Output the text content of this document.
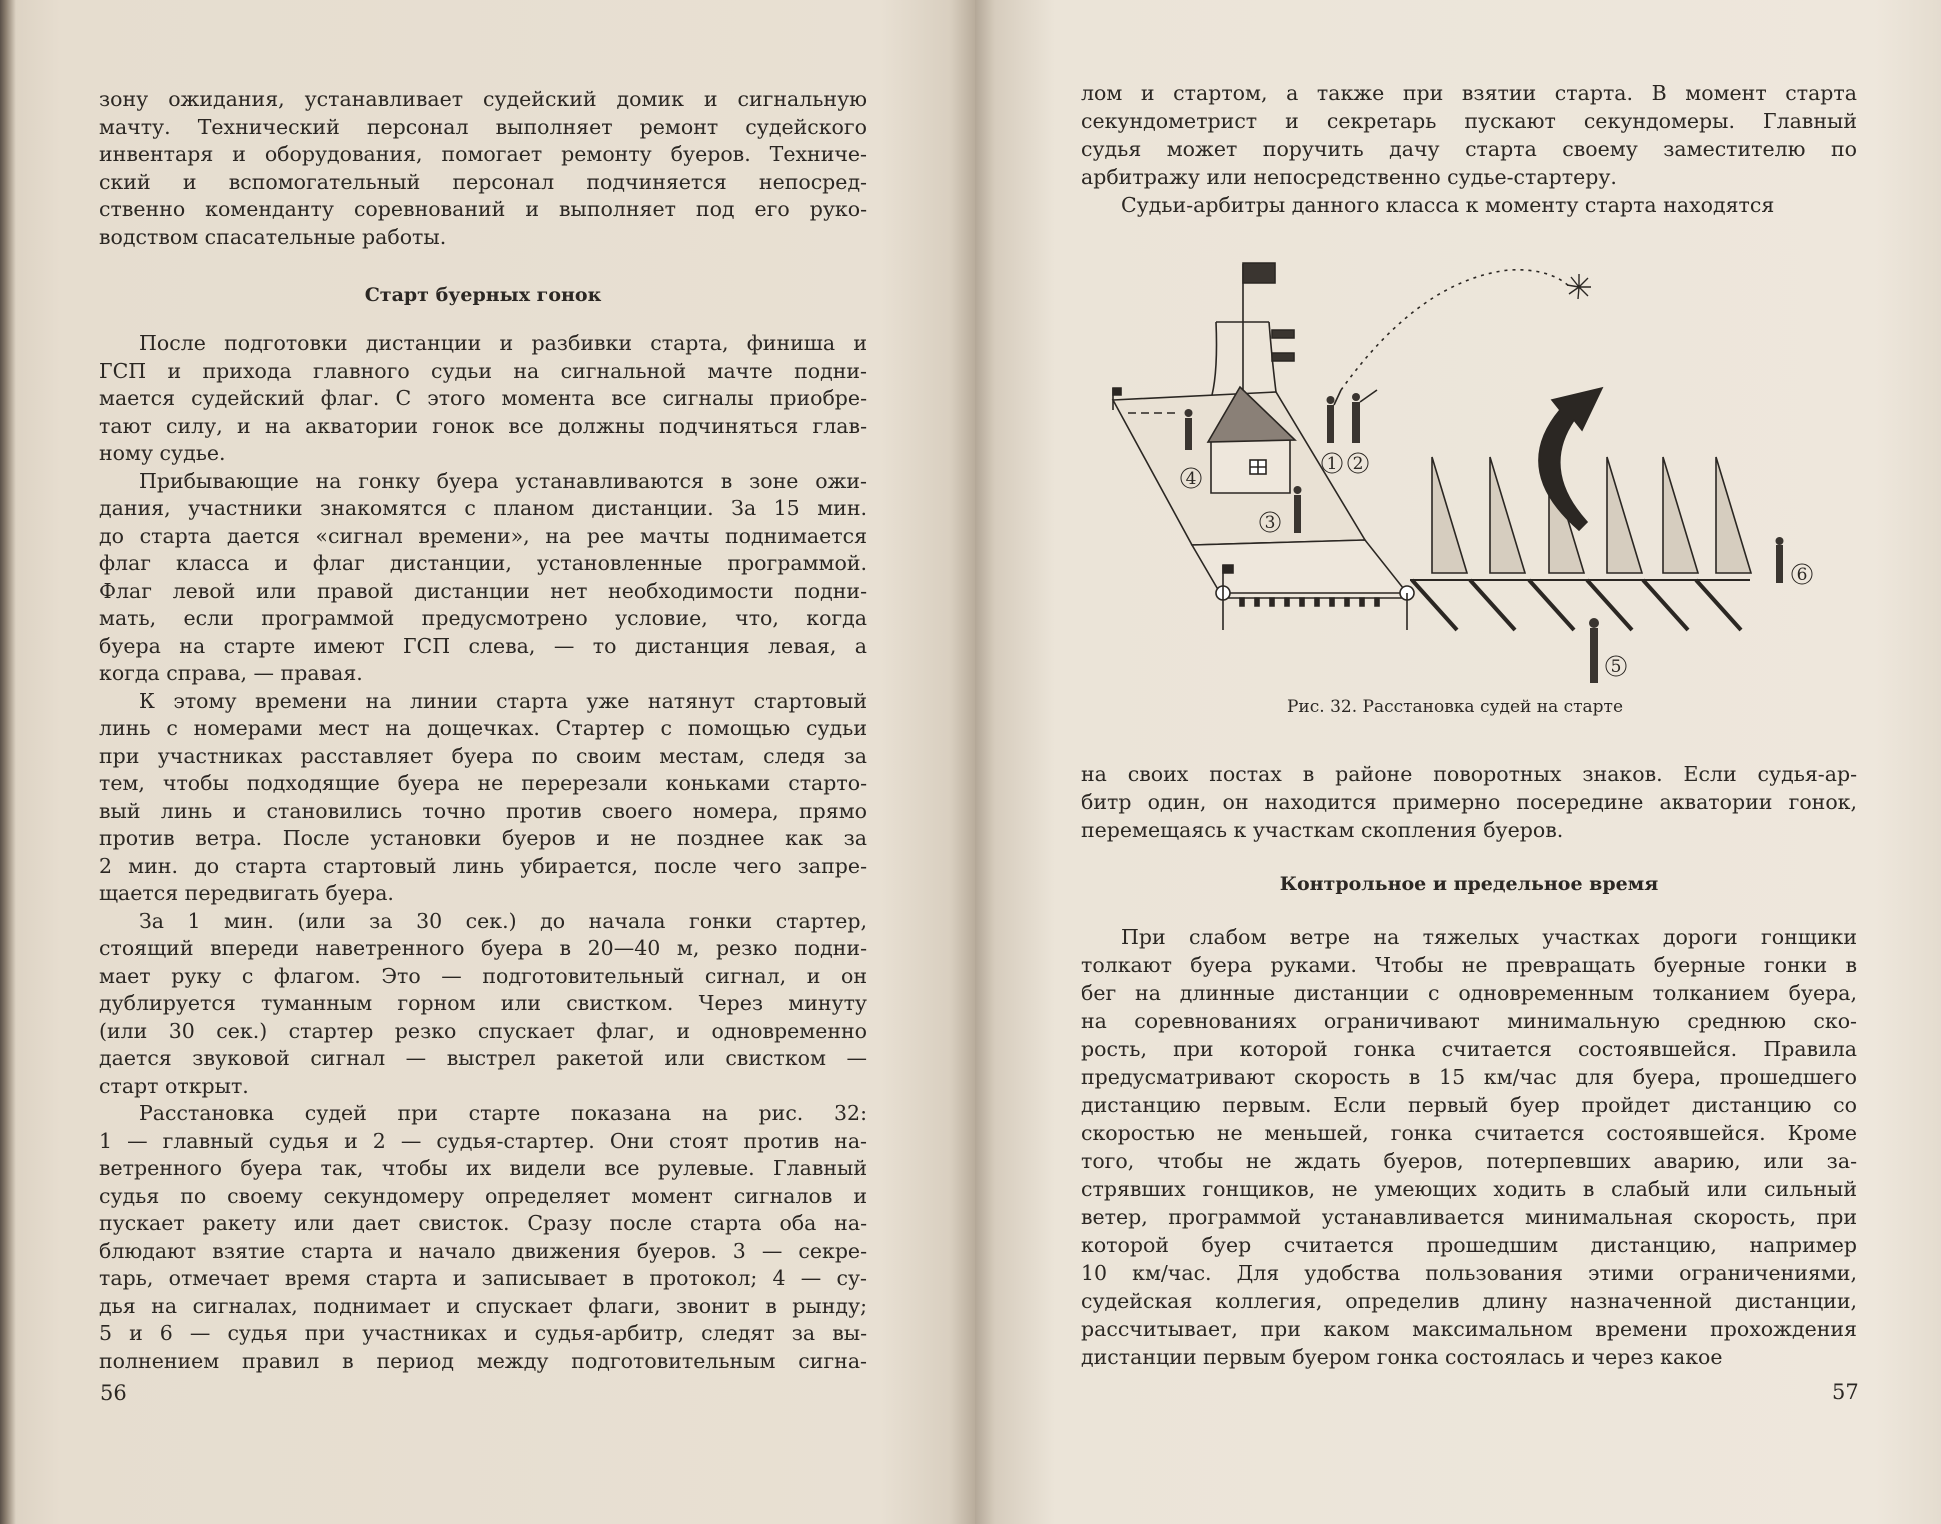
зону ожидания, устанавливает судейский домик и сигнальную
мачту. Технический персонал выполняет ремонт судейского
инвентаря и оборудования, помогает ремонту буеров. Техниче-
ский и вспомогательный персонал подчиняется непосред-
ственно коменданту соревнований и выполняет под его руко-
водством спасательные работы.
Старт буерных гонок
После подготовки дистанции и разбивки старта, финиша и
ГСП и прихода главного судьи на сигнальной мачте подни-
мается судейский флаг. С этого момента все сигналы приобре-
тают силу, и на акватории гонок все должны подчиняться глав-
ному судье.
Прибывающие на гонку буера устанавливаются в зоне ожи-
дания, участники знакомятся с планом дистанции. За 15 мин.
до старта дается «сигнал времени», на рее мачты поднимается
флаг класса и флаг дистанции, установленные программой.
Флаг левой или правой дистанции нет необходимости подни-
мать, если программой предусмотрено условие, что, когда
буера на старте имеют ГСП слева, — то дистанция левая, а
когда справа, — правая.
К этому времени на линии старта уже натянут стартовый
линь с номерами мест на дощечках. Стартер с помощью судьи
при участниках расставляет буера по своим местам, следя за
тем, чтобы подходящие буера не перерезали коньками старто-
вый линь и становились точно против своего номера, прямо
против ветра. После установки буеров и не позднее как за
2 мин. до старта стартовый линь убирается, после чего запре-
щается передвигать буера.
За 1 мин. (или за 30 сек.) до начала гонки стартер,
стоящий впереди наветренного буера в 20—40 м, резко подни-
мает руку с флагом. Это — подготовительный сигнал, и он
дублируется туманным горном или свистком. Через минуту
(или 30 сек.) стартер резко спускает флаг, и одновременно
дается звуковой сигнал — выстрел ракетой или свистком —
старт открыт.
Расстановка судей при старте показана на рис. 32:
1 — главный судья и 2 — судья-стартер. Они стоят против на-
ветренного буера так, чтобы их видели все рулевые. Главный
судья по своему секундомеру определяет момент сигналов и
пускает ракету или дает свисток. Сразу после старта оба на-
блюдают взятие старта и начало движения буеров. 3 — секре-
тарь, отмечает время старта и записывает в протокол; 4 — су-
дья на сигналах, поднимает и спускает флаги, звонит в рынду;
5 и 6 — судья при участниках и судья-арбитр, следят за вы-
полнением правил в период между подготовительным сигна-
56
лом и стартом, а также при взятии старта. В момент старта
секундометрист и секретарь пускают секундомеры. Главный
судья может поручить дачу старта своему заместителю по
арбитражу или непосредственно судье-стартеру.
Судьи-арбитры данного класса к моменту старта находятся
на своих постах в районе поворотных знаков. Если судья-ар-
битр один, он находится примерно посередине акватории гонок,
перемещаясь к участкам скопления буеров.
Контрольное и предельное время
При слабом ветре на тяжелых участках дороги гонщики
толкают буера руками. Чтобы не превращать буерные гонки в
бег на длинные дистанции с одновременным толканием буера,
на соревнованиях ограничивают минимальную среднюю ско-
рость, при которой гонка считается состоявшейся. Правила
предусматривают скорость в 15 км/час для буера, прошедшего
дистанцию первым. Если первый буер пройдет дистанцию со
скоростью не меньшей, гонка считается состоявшейся. Кроме
того, чтобы не ждать буеров, потерпевших аварию, или за-
стрявших гонщиков, не умеющих ходить в слабый или сильный
ветер, программой устанавливается минимальная скорость, при
которой буер считается прошедшим дистанцию, например
10 км/час. Для удобства пользования этими ограничениями,
судейская коллегия, определив длину назначенной дистанции,
рассчитывает, при каком максимальном времени прохождения
дистанции первым буером гонка состоялась и через какое
57
1 2
3
4
5
6
Рис. 32. Расстановка судей на старте
